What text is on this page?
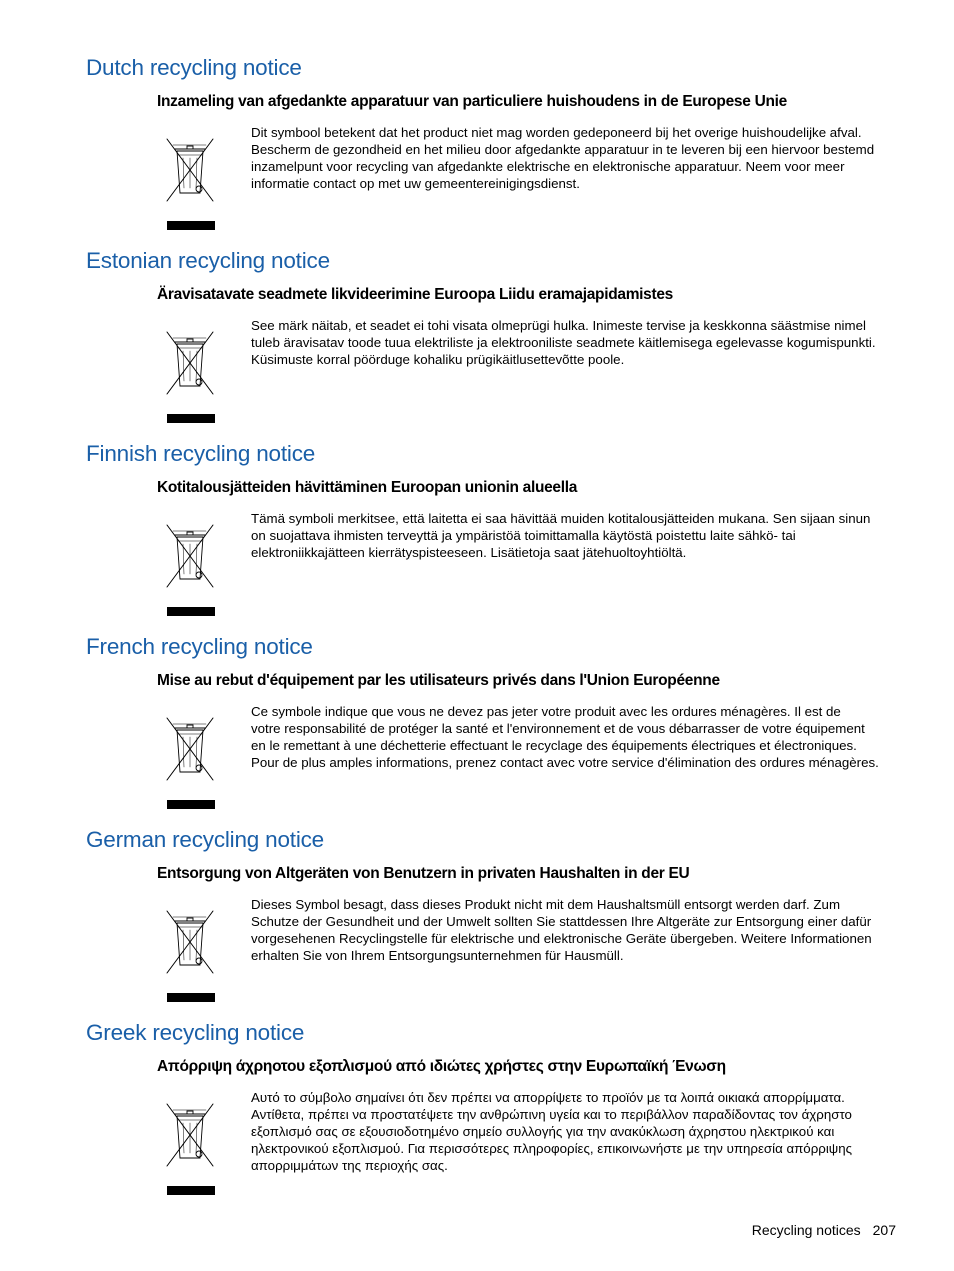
Dutch recycling notice
Inzameling van afgedankte apparatuur van particuliere huishoudens in de Europese Unie
Dit symbool betekent dat het product niet mag worden gedeponeerd bij het overige huishoudelijke afval.
Bescherm de gezondheid en het milieu door afgedankte apparatuur in te leveren bij een hiervoor bestemd
inzamelpunt voor recycling van afgedankte elektrische en elektronische apparatuur. Neem voor meer
informatie contact op met uw gemeentereinigingsdienst.
Estonian recycling notice
Äravisatavate seadmete likvideerimine Euroopa Liidu eramajapidamistes
See märk näitab, et seadet ei tohi visata olmeprügi hulka. Inimeste tervise ja keskkonna säästmise nimel
tuleb äravisatav toode tuua elektriliste ja elektrooniliste seadmete käitlemisega egelevasse kogumispunkti.
Küsimuste korral pöörduge kohaliku prügikäitlusettevõtte poole.
Finnish recycling notice
Kotitalousjätteiden hävittäminen Euroopan unionin alueella
Tämä symboli merkitsee, että laitetta ei saa hävittää muiden kotitalousjätteiden mukana. Sen sijaan sinun
on suojattava ihmisten terveyttä ja ympäristöä toimittamalla käytöstä poistettu laite sähkö- tai
elektroniikkajätteen kierrätyspisteeseen. Lisätietoja saat jätehuoltoyhtiöltä.
French recycling notice
Mise au rebut d'équipement par les utilisateurs privés dans l'Union Européenne
Ce symbole indique que vous ne devez pas jeter votre produit avec les ordures ménagères. Il est de
votre responsabilité de protéger la santé et l'environnement et de vous débarrasser de votre équipement
en le remettant à une déchetterie effectuant le recyclage des équipements électriques et électroniques.
Pour de plus amples informations, prenez contact avec votre service d'élimination des ordures ménagères.
German recycling notice
Entsorgung von Altgeräten von Benutzern in privaten Haushalten in der EU
Dieses Symbol besagt, dass dieses Produkt nicht mit dem Haushaltsmüll entsorgt werden darf. Zum
Schutze der Gesundheit und der Umwelt sollten Sie stattdessen Ihre Altgeräte zur Entsorgung einer dafür
vorgesehenen Recyclingstelle für elektrische und elektronische Geräte übergeben. Weitere Informationen
erhalten Sie von Ihrem Entsorgungsunternehmen für Hausmüll.
Greek recycling notice
Απόρριψη άχρηοτου εξοπλισμού από ιδιώτες χρήστες στην Ευρωπαϊκή Ένωση
Αυτό το σύμβολο σημαίνει ότι δεν πρέπει να απορρίψετε το προϊόν με τα λοιπά οικιακά απορρίμματα.
Αντίθετα, πρέπει να προστατέψετε την ανθρώπινη υγεία και το περιβάλλον παραδίδοντας τον άχρηστο
εξοπλισμό σας σε εξουσιοδοτημένο σημείο συλλογής για την ανακύκλωση άχρηστου ηλεκτρικού και
ηλεκτρονικού εξοπλισμού. Για περισσότερες πληροφορίες, επικοινωνήστε με την υπηρεσία απόρριψης
απορριμμάτων της περιοχής σας.
Recycling notices 207
